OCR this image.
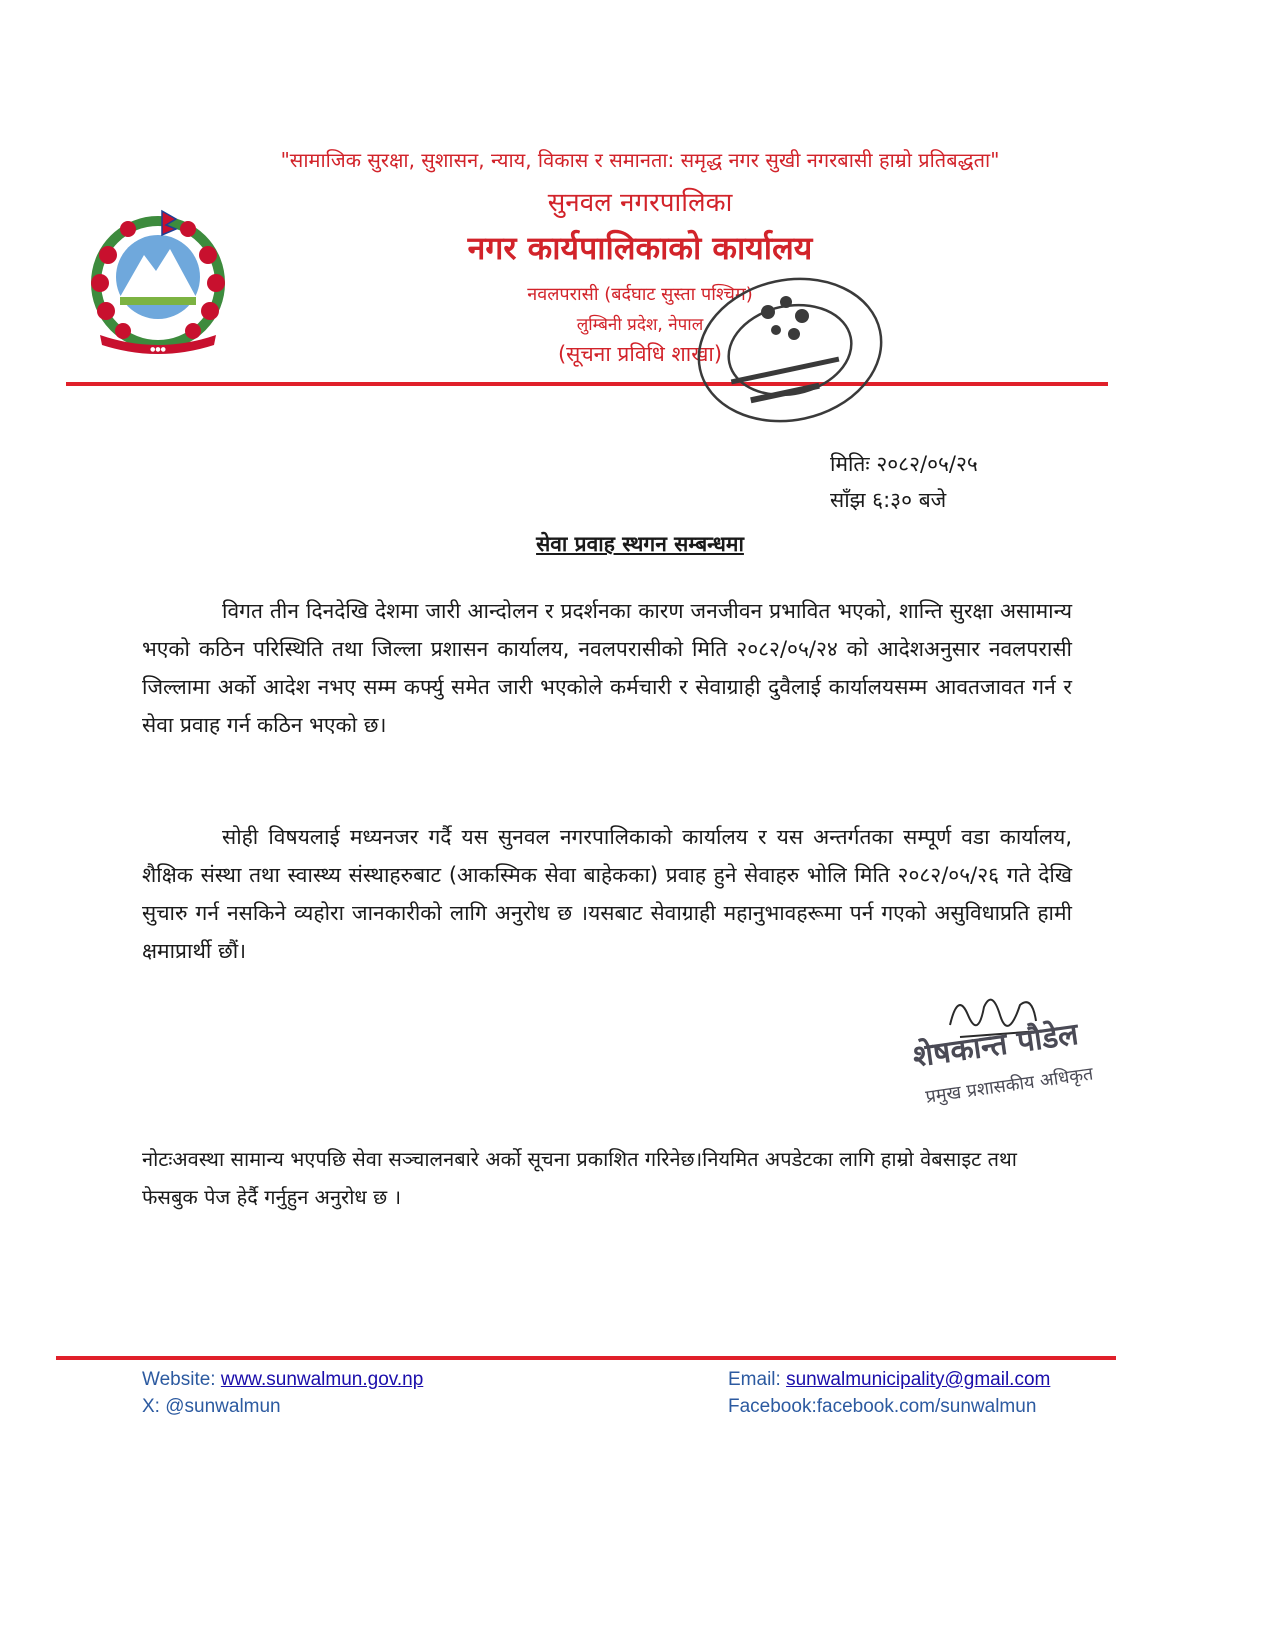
●●●
"सामाजिक सुरक्षा, सुशासन, न्याय, विकास र समानता: समृद्ध नगर सुखी नगरबासी हाम्रो प्रतिबद्धता"
सुनवल नगरपालिका
नगर कार्यपालिकाको कार्यालय
नवलपरासी (बर्दघाट सुस्ता पश्चिम)
लुम्बिनी प्रदेश, नेपाल
(सूचना प्रविधि शाखा)
मितिः २०८२/०५/२५
साँझ ६:३० बजे
सेवा प्रवाह स्थगन सम्बन्धमा
विगत तीन दिनदेखि देशमा जारी आन्दोलन र प्रदर्शनका कारण जनजीवन प्रभावित भएको, शान्ति सुरक्षा असामान्य भएको कठिन परिस्थिति तथा जिल्ला प्रशासन कार्यालय, नवलपरासीको मिति २०८२/०५/२४ को आदेशअनुसार नवलपरासी जिल्लामा अर्को आदेश नभए सम्म कर्फ्यु समेत जारी भएकोले कर्मचारी र सेवाग्राही दुवैलाई कार्यालयसम्म आवतजावत गर्न र सेवा प्रवाह गर्न कठिन भएको छ।
सोही विषयलाई मध्यनजर गर्दै यस सुनवल नगरपालिकाको कार्यालय र यस अन्तर्गतका सम्पूर्ण वडा कार्यालय, शैक्षिक संस्था तथा स्वास्थ्य संस्थाहरुबाट (आकस्मिक सेवा बाहेकका) प्रवाह हुने सेवाहरु भोलि मिति २०८२/०५/२६ गते देखि सुचारु गर्न नसकिने व्यहोरा जानकारीको लागि अनुरोध छ ।यसबाट सेवाग्राही महानुभावहरूमा पर्न गएको असुविधाप्रति हामी क्षमाप्रार्थी छौं।
शेषकान्त पौडेल
प्रमुख प्रशासकीय अधिकृत
नोटःअवस्था सामान्य भएपछि सेवा सञ्चालनबारे अर्को सूचना प्रकाशित गरिनेछ।नियमित अपडेटका लागि हाम्रो वेबसाइट तथा फेसबुक पेज हेर्दै गर्नुहुन अनुरोध छ ।
Website: www.sunwalmun.gov.np
X: @sunwalmun
Email: sunwalmunicipality@gmail.com
Facebook:facebook.com/sunwalmun
